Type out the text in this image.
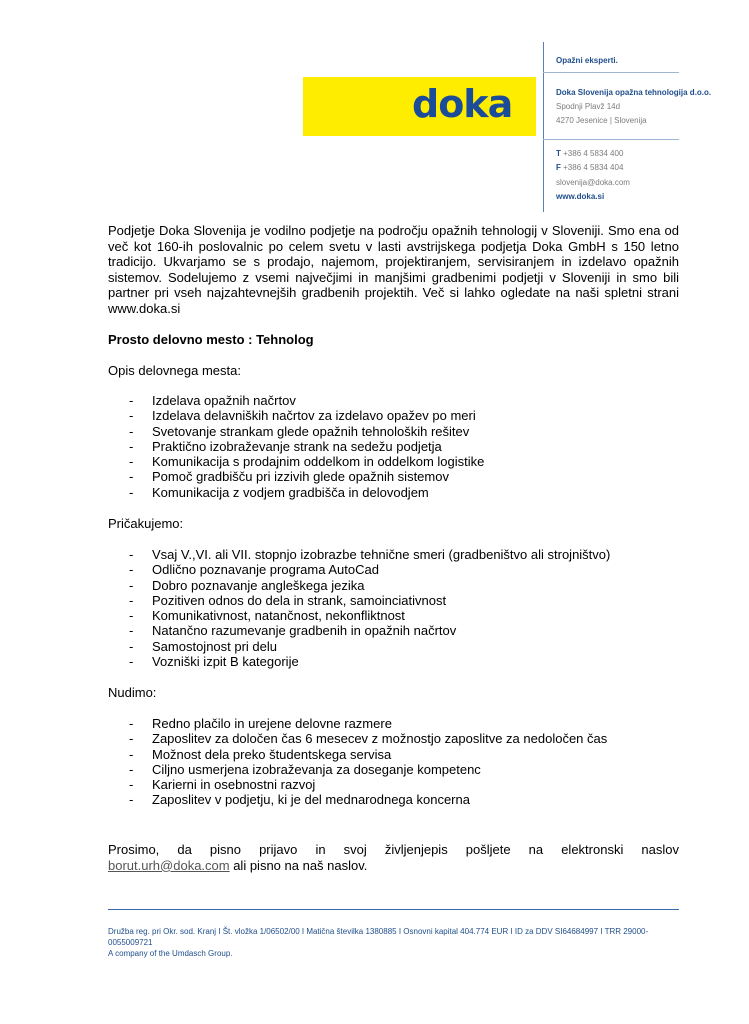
doka
Opažni eksperti.
Doka Slovenija opažna tehnologija d.o.o.
Spodnji Plavž 14d
4270 Jesenice | Slovenija
T +386 4 5834 400
F +386 4 5834 404
slovenija@doka.com
www.doka.si

Podjetje Doka Slovenija je vodilno podjetje na področju opažnih tehnologij v Sloveniji. Smo ena od več kot 160-ih poslovalnic po celem svetu v lasti avstrijskega podjetja Doka GmbH s 150 letno tradicijo. Ukvarjamo se s prodajo, najemom, projektiranjem, servisiranjem in izdelavo opažnih sistemov. Sodelujemo z vsemi največjimi in manjšimi gradbenimi podjetji v Sloveniji in smo bili partner pri vseh najzahtevnejših gradbenih projektih. Več si lahko ogledate na naši spletni strani www.doka.si

Prosto delovno mesto : Tehnolog

Opis delovnega mesta:

- Izdelava opažnih načrtov
- Izdelava delavniških načrtov za izdelavo opažev po meri
- Svetovanje strankam glede opažnih tehnoloških rešitev
- Praktično izobraževanje strank na sedežu podjetja
- Komunikacija s prodajnim oddelkom in oddelkom logistike
- Pomoč gradbišču pri izzivih glede opažnih sistemov
- Komunikacija z vodjem gradbišča in delovodjem

Pričakujemo:

- Vsaj V.,VI. ali VII. stopnjo izobrazbe tehnične smeri (gradbeništvo ali strojništvo)
- Odlično poznavanje programa AutoCad
- Dobro poznavanje angleškega jezika
- Pozitiven odnos do dela in strank, samoinciativnost
- Komunikativnost, natančnost, nekonfliktnost
- Natančno razumevanje gradbenih in opažnih načrtov
- Samostojnost pri delu
- Vozniški izpit B kategorije

Nudimo:

- Redno plačilo in urejene delovne razmere
- Zaposlitev za določen čas 6 mesecev z možnostjo zaposlitve za nedoločen čas
- Možnost dela preko študentskega servisa
- Ciljno usmerjena izobraževanja za doseganje kompetenc
- Karierni in osebnostni razvoj
- Zaposlitev v podjetju, ki je del mednarodnega koncerna

Prosimo, da pisno prijavo in svoj življenjepis pošljete na elektronski naslov

borut.urh@doka.com ali pisno na naš naslov.

Družba reg. pri Okr. sod. Kranj I Št. vložka 1/06502/00 I Matična številka 1380885 I Osnovni kapital 404.774 EUR I ID za DDV SI64684997 I TRR 29000-0055009721
A company of the Umdasch Group.
